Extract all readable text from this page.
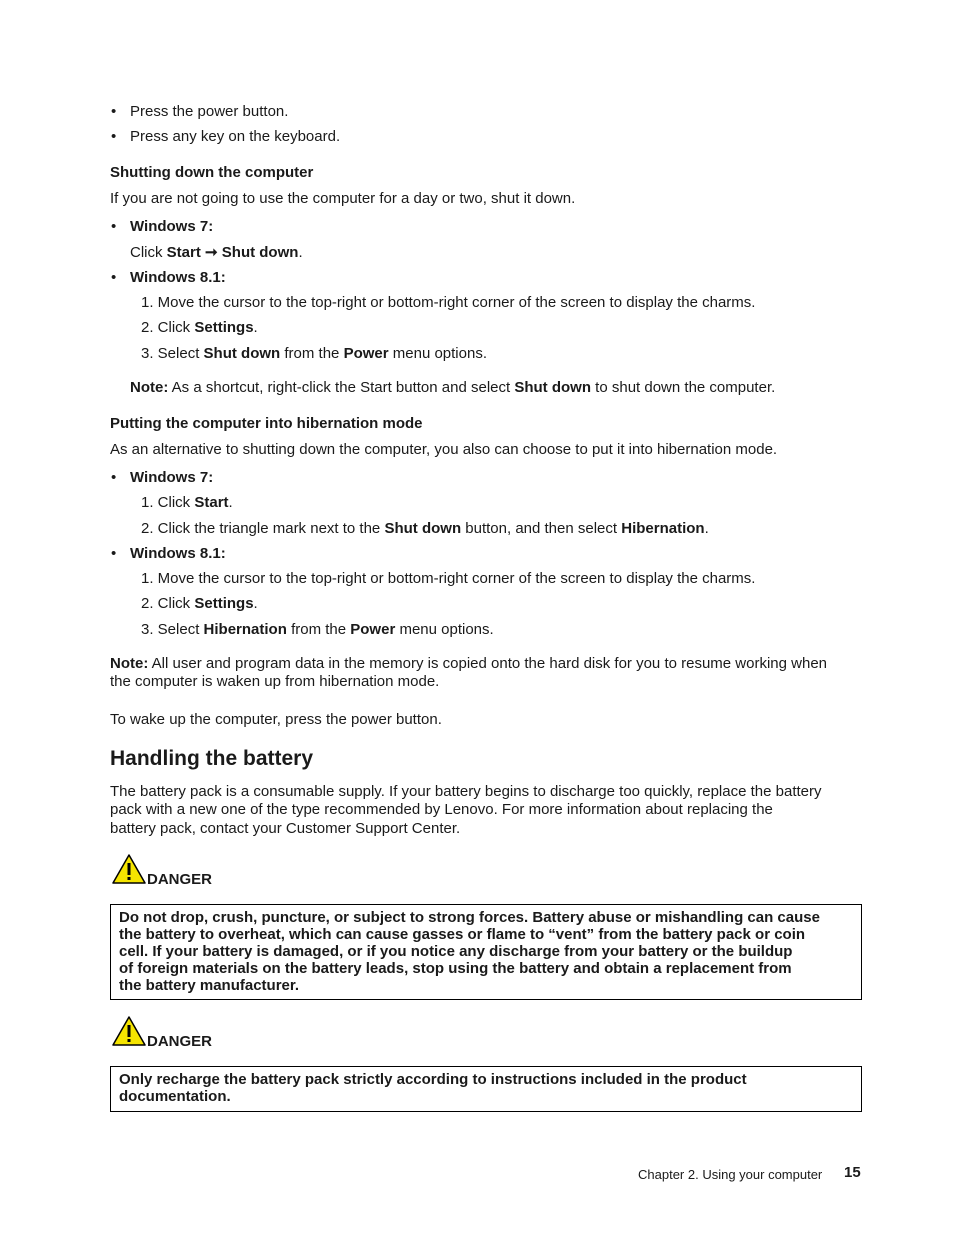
• Press the power button.
• Press any key on the keyboard.
Shutting down the computer
If you are not going to use the computer for a day or two, shut it down.
• Windows 7:
Click Start ➞ Shut down.
• Windows 8.1:
1. Move the cursor to the top-right or bottom-right corner of the screen to display the charms.
2. Click Settings.
3. Select Shut down from the Power menu options.
Note: As a shortcut, right-click the Start button and select Shut down to shut down the computer.
Putting the computer into hibernation mode
As an alternative to shutting down the computer, you also can choose to put it into hibernation mode.
• Windows 7:
1. Click Start.
2. Click the triangle mark next to the Shut down button, and then select Hibernation.
• Windows 8.1:
1. Move the cursor to the top-right or bottom-right corner of the screen to display the charms.
2. Click Settings.
3. Select Hibernation from the Power menu options.
Note: All user and program data in the memory is copied onto the hard disk for you to resume working when
the computer is waken up from hibernation mode.
To wake up the computer, press the power button.
Handling the battery
The battery pack is a consumable supply. If your battery begins to discharge too quickly, replace the battery
pack with a new one of the type recommended by Lenovo. For more information about replacing the
battery pack, contact your Customer Support Center.
DANGER
Do not drop, crush, puncture, or subject to strong forces. Battery abuse or mishandling can cause
the battery to overheat, which can cause gasses or flame to “vent” from the battery pack or coin
cell. If your battery is damaged, or if you notice any discharge from your battery or the buildup
of foreign materials on the battery leads, stop using the battery and obtain a replacement from
the battery manufacturer.
DANGER
Only recharge the battery pack strictly according to instructions included in the product
documentation.
Chapter 2. Using your computer 15
